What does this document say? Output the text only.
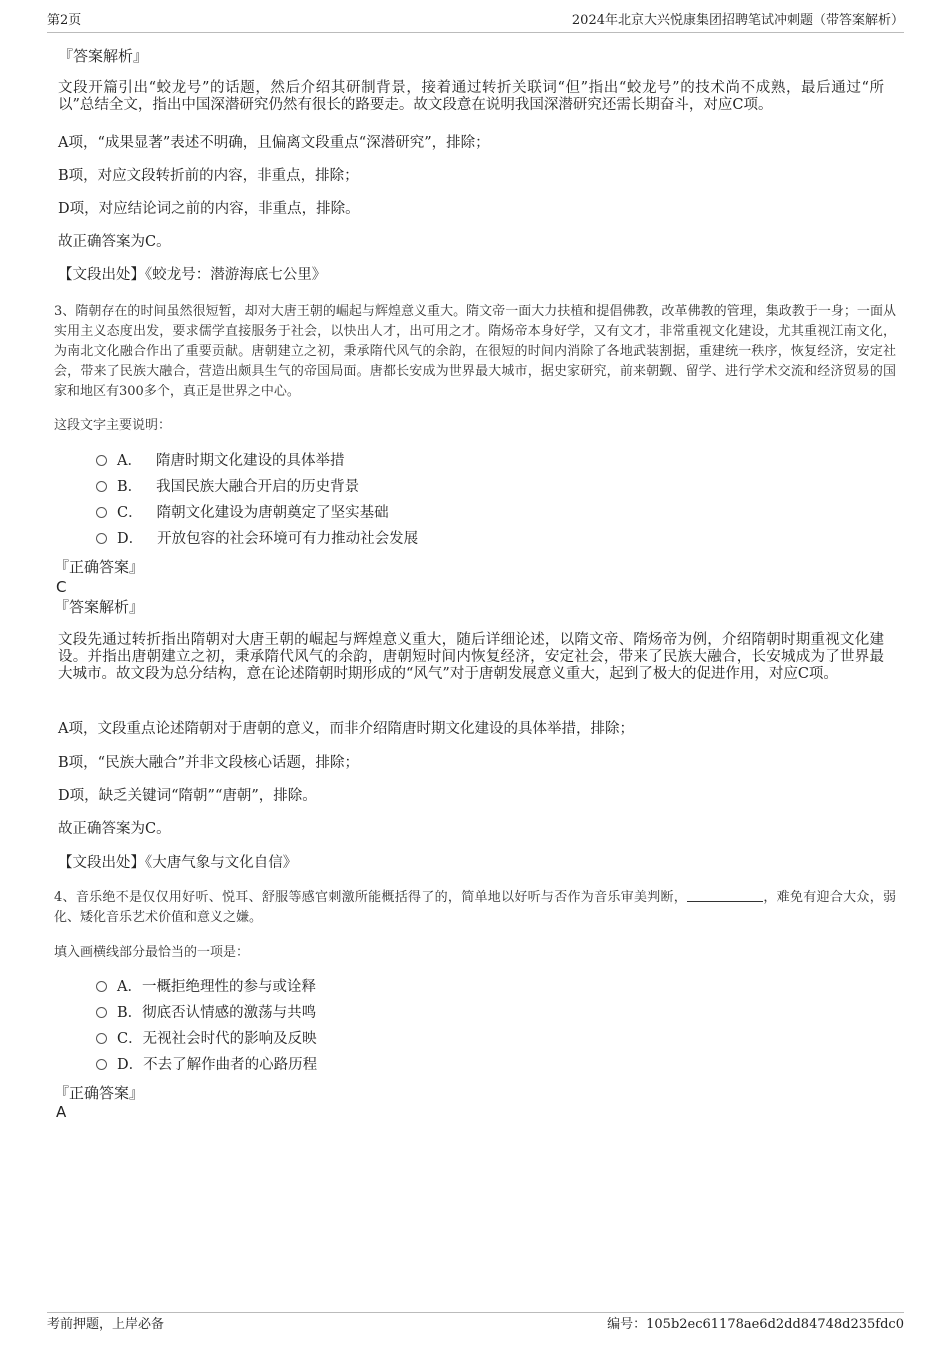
第2页	2024年北京大兴悦康集团招聘笔试冲刺题（带答案解析）
『答案解析』
文段开篇引出“蛟龙号”的话题，然后介绍其研制背景，接着通过转折关联词“但”指出“蛟龙号”的技术尚不成熟，最后通过“所以”总结全文，指出中国深潜研究仍然有很长的路要走。故文段意在说明我国深潜研究还需长期奋斗，对应C项。
A项，“成果显著”表述不明确，且偏离文段重点“深潜研究”，排除；
B项，对应文段转折前的内容，非重点，排除；
D项，对应结论词之前的内容，非重点，排除。
故正确答案为C。
【文段出处】《蛟龙号：潜游海底七公里》
3、隋朝存在的时间虽然很短暂，却对大唐王朝的崛起与辉煌意义重大。隋文帝一面大力扶植和提倡佛教，改革佛教的管理，集政教于一身；一面从实用主义态度出发，要求儒学直接服务于社会，以快出人才，出可用之才。隋炀帝本身好学，又有文才，非常重视文化建设，尤其重视江南文化，为南北文化融合作出了重要贡献。唐朝建立之初，秉承隋代风气的余韵，在很短的时间内消除了各地武装割据，重建统一秩序，恢复经济，安定社会，带来了民族大融合，营造出颇具生气的帝国局面。唐都长安成为世界最大城市，据史家研究，前来朝觐、留学、进行学术交流和经济贸易的国家和地区有300多个，真正是世界之中心。
这段文字主要说明：
A． 隋唐时期文化建设的具体举措
B． 我国民族大融合开启的历史背景
C． 隋朝文化建设为唐朝奠定了坚实基础
D． 开放包容的社会环境可有力推动社会发展
『正确答案』
C
『答案解析』
文段先通过转折指出隋朝对大唐王朝的崛起与辉煌意义重大，随后详细论述，以隋文帝、隋炀帝为例，介绍隋朝时期重视文化建设。并指出唐朝建立之初，秉承隋代风气的余韵，唐朝短时间内恢复经济，安定社会，带来了民族大融合，长安城成为了世界最大城市。故文段为总分结构，意在论述隋朝时期形成的“风气”对于唐朝发展意义重大，起到了极大的促进作用，对应C项。
A项，文段重点论述隋朝对于唐朝的意义，而非介绍隋唐时期文化建设的具体举措，排除；
B项，“民族大融合”并非文段核心话题，排除；
D项，缺乏关键词“隋朝”“唐朝”，排除。
故正确答案为C。
【文段出处】《大唐气象与文化自信》
4、音乐绝不是仅仅用好听、悦耳、舒服等感官刺激所能概括得了的，简单地以好听与否作为音乐审美判断，	，难免有迎合大众，弱化、矮化音乐艺术价值和意义之嫌。
填入画横线部分最恰当的一项是：
A．一概拒绝理性的参与或诠释
B．彻底否认情感的激荡与共鸣
C．无视社会时代的影响及反映
D．不去了解作曲者的心路历程
『正确答案』
A
考前押题，上岸必备	编号：105b2ec61178ae6d2dd84748d235fdc0
